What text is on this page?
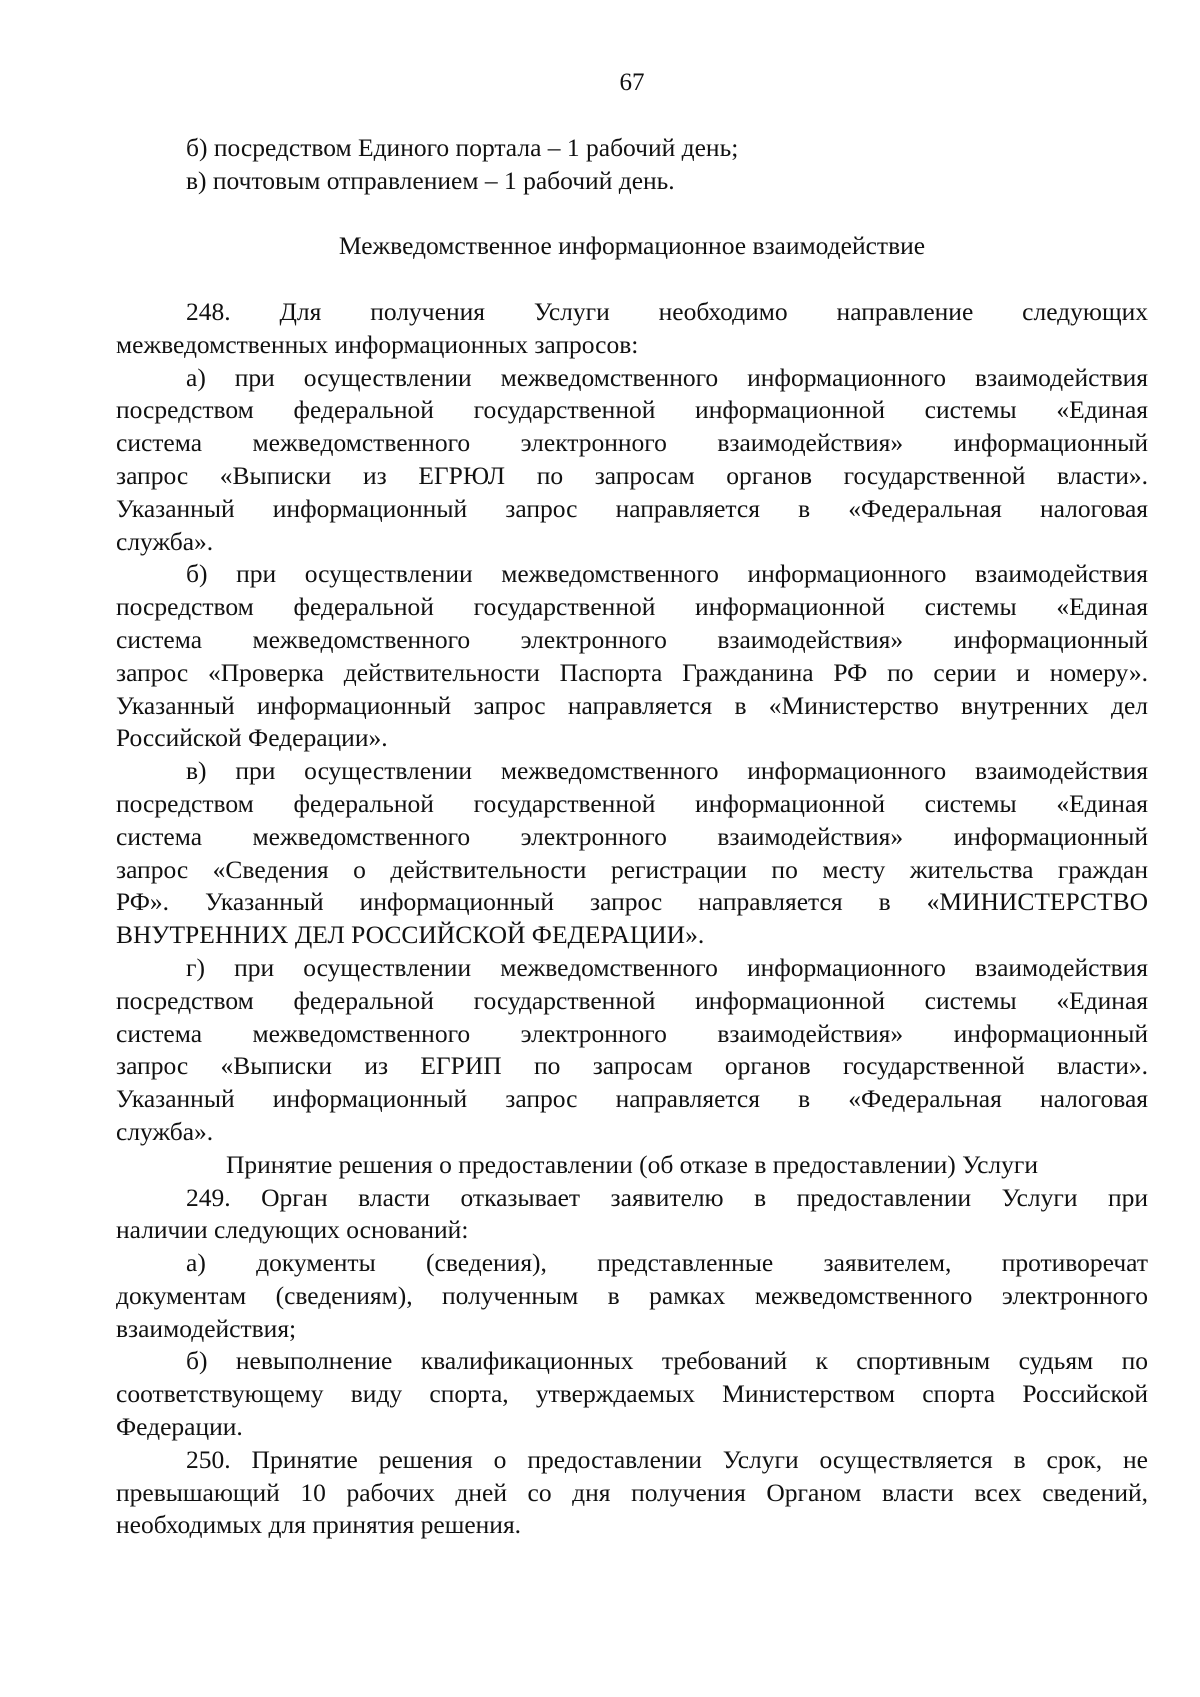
67
б) посредством Единого портала – 1 рабочий день;
в) почтовым отправлением – 1 рабочий день.
Межведомственное информационное взаимодействие
248. Для получения Услуги необходимо направление следующих
межведомственных информационных запросов:
а) при осуществлении межведомственного информационного взаимодействия
посредством федеральной государственной информационной системы «Единая
система межведомственного электронного взаимодействия» информационный
запрос «Выписки из ЕГРЮЛ по запросам органов государственной власти».
Указанный информационный запрос направляется в «Федеральная налоговая
служба».
б) при осуществлении межведомственного информационного взаимодействия
посредством федеральной государственной информационной системы «Единая
система межведомственного электронного взаимодействия» информационный
запрос «Проверка действительности Паспорта Гражданина РФ по серии и номеру».
Указанный информационный запрос направляется в «Министерство внутренних дел
Российской Федерации».
в) при осуществлении межведомственного информационного взаимодействия
посредством федеральной государственной информационной системы «Единая
система межведомственного электронного взаимодействия» информационный
запрос «Сведения о действительности регистрации по месту жительства граждан
РФ». Указанный информационный запрос направляется в «МИНИСТЕРСТВО
ВНУТРЕННИХ ДЕЛ РОССИЙСКОЙ ФЕДЕРАЦИИ».
г) при осуществлении межведомственного информационного взаимодействия
посредством федеральной государственной информационной системы «Единая
система межведомственного электронного взаимодействия» информационный
запрос «Выписки из ЕГРИП по запросам органов государственной власти».
Указанный информационный запрос направляется в «Федеральная налоговая
служба».
Принятие решения о предоставлении (об отказе в предоставлении) Услуги
249. Орган власти отказывает заявителю в предоставлении Услуги при
наличии следующих оснований:
а) документы (сведения), представленные заявителем, противоречат
документам (сведениям), полученным в рамках межведомственного электронного
взаимодействия;
б) невыполнение квалификационных требований к спортивным судьям по
соответствующему виду спорта, утверждаемых Министерством спорта Российской
Федерации.
250. Принятие решения о предоставлении Услуги осуществляется в срок, не
превышающий 10 рабочих дней со дня получения Органом власти всех сведений,
необходимых для принятия решения.
